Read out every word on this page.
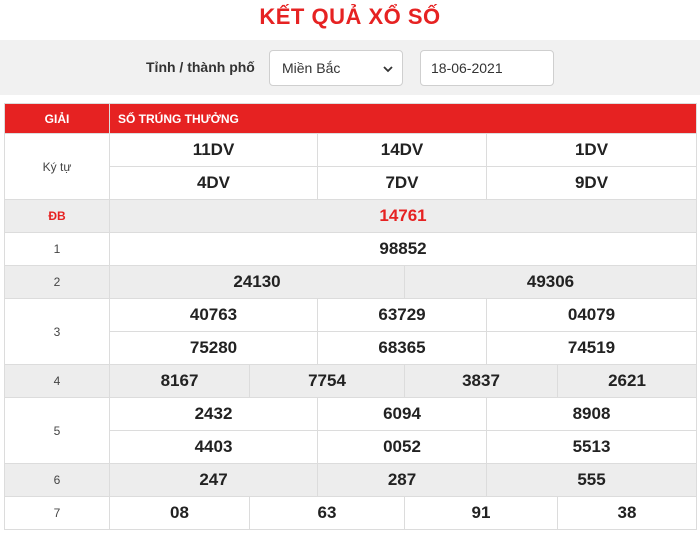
KẾT QUẢ XỔ SỐ
Tỉnh / thành phố Miền Bắc	18-06-2021
GIẢI	SỐ TRÚNG THƯỞNG					
Ký tự	11DV		14DV		1DV	
	4DV		7DV		9DV	
ĐB	14761					
1	98852					
2	24130			49306		
3	40763		63729		04079	
	75280		68365		74519	
4	8167	7754		3837		2621
5	2432		6094		8908	
	4403		0052		5513	
6	247		287		555	
7	08	63		91		38
